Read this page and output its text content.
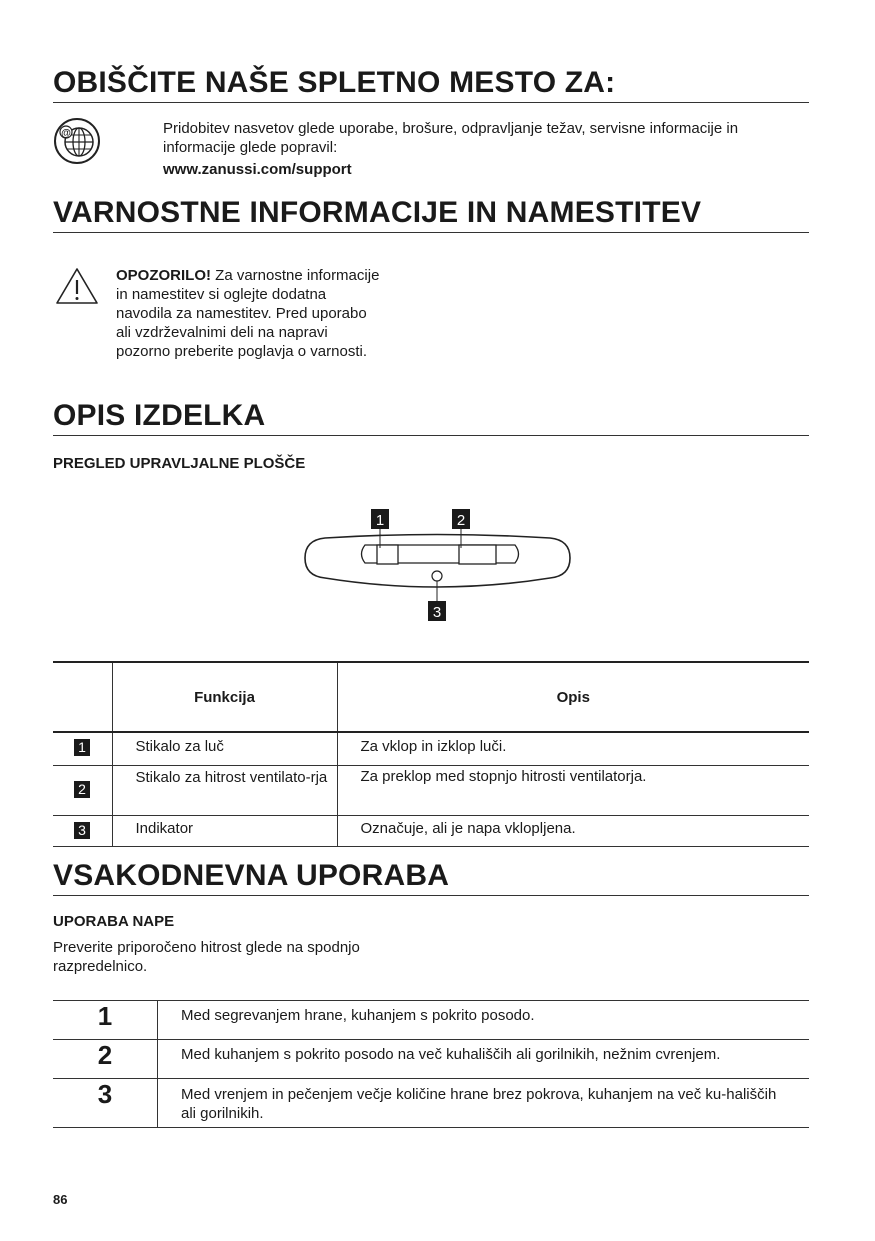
OBIŠČITE NAŠE SPLETNO MESTO ZA:
@	Pridobitev nasvetov glede uporabe, brošure, odpravljanje težav, servisne informacije in informacije glede popravil:
www.zanussi.com/support
VARNOSTNE INFORMACIJE IN NAMESTITEV
OPOZORILO! Za varnostne informacije in namestitev si oglejte dodatna navodila za namestitev. Pred uporabo ali vzdrževalnimi deli na napravi pozorno preberite poglavja o varnosti.
OPIS IZDELKA
PREGLED UPRAVLJALNE PLOŠČE
1	2
3
	Funkcija	Opis
1	Stikalo za luč	Za vklop in izklop luči.
2	Stikalo za hitrost ventilato-rja	Za preklop med stopnjo hitrosti ventilatorja.
3	Indikator	Označuje, ali je napa vklopljena.
VSAKODNEVNA UPORABA
UPORABA NAPE
Preverite priporočeno hitrost glede na spodnjo razpredelnico.
1	Med segrevanjem hrane, kuhanjem s pokrito posodo.
2	Med kuhanjem s pokrito posodo na več kuhališčih ali gorilnikih, nežnim cvrenjem.
3	Med vrenjem in pečenjem večje količine hrane brez pokrova, kuhanjem na več ku-hališčih ali gorilnikih.
86
